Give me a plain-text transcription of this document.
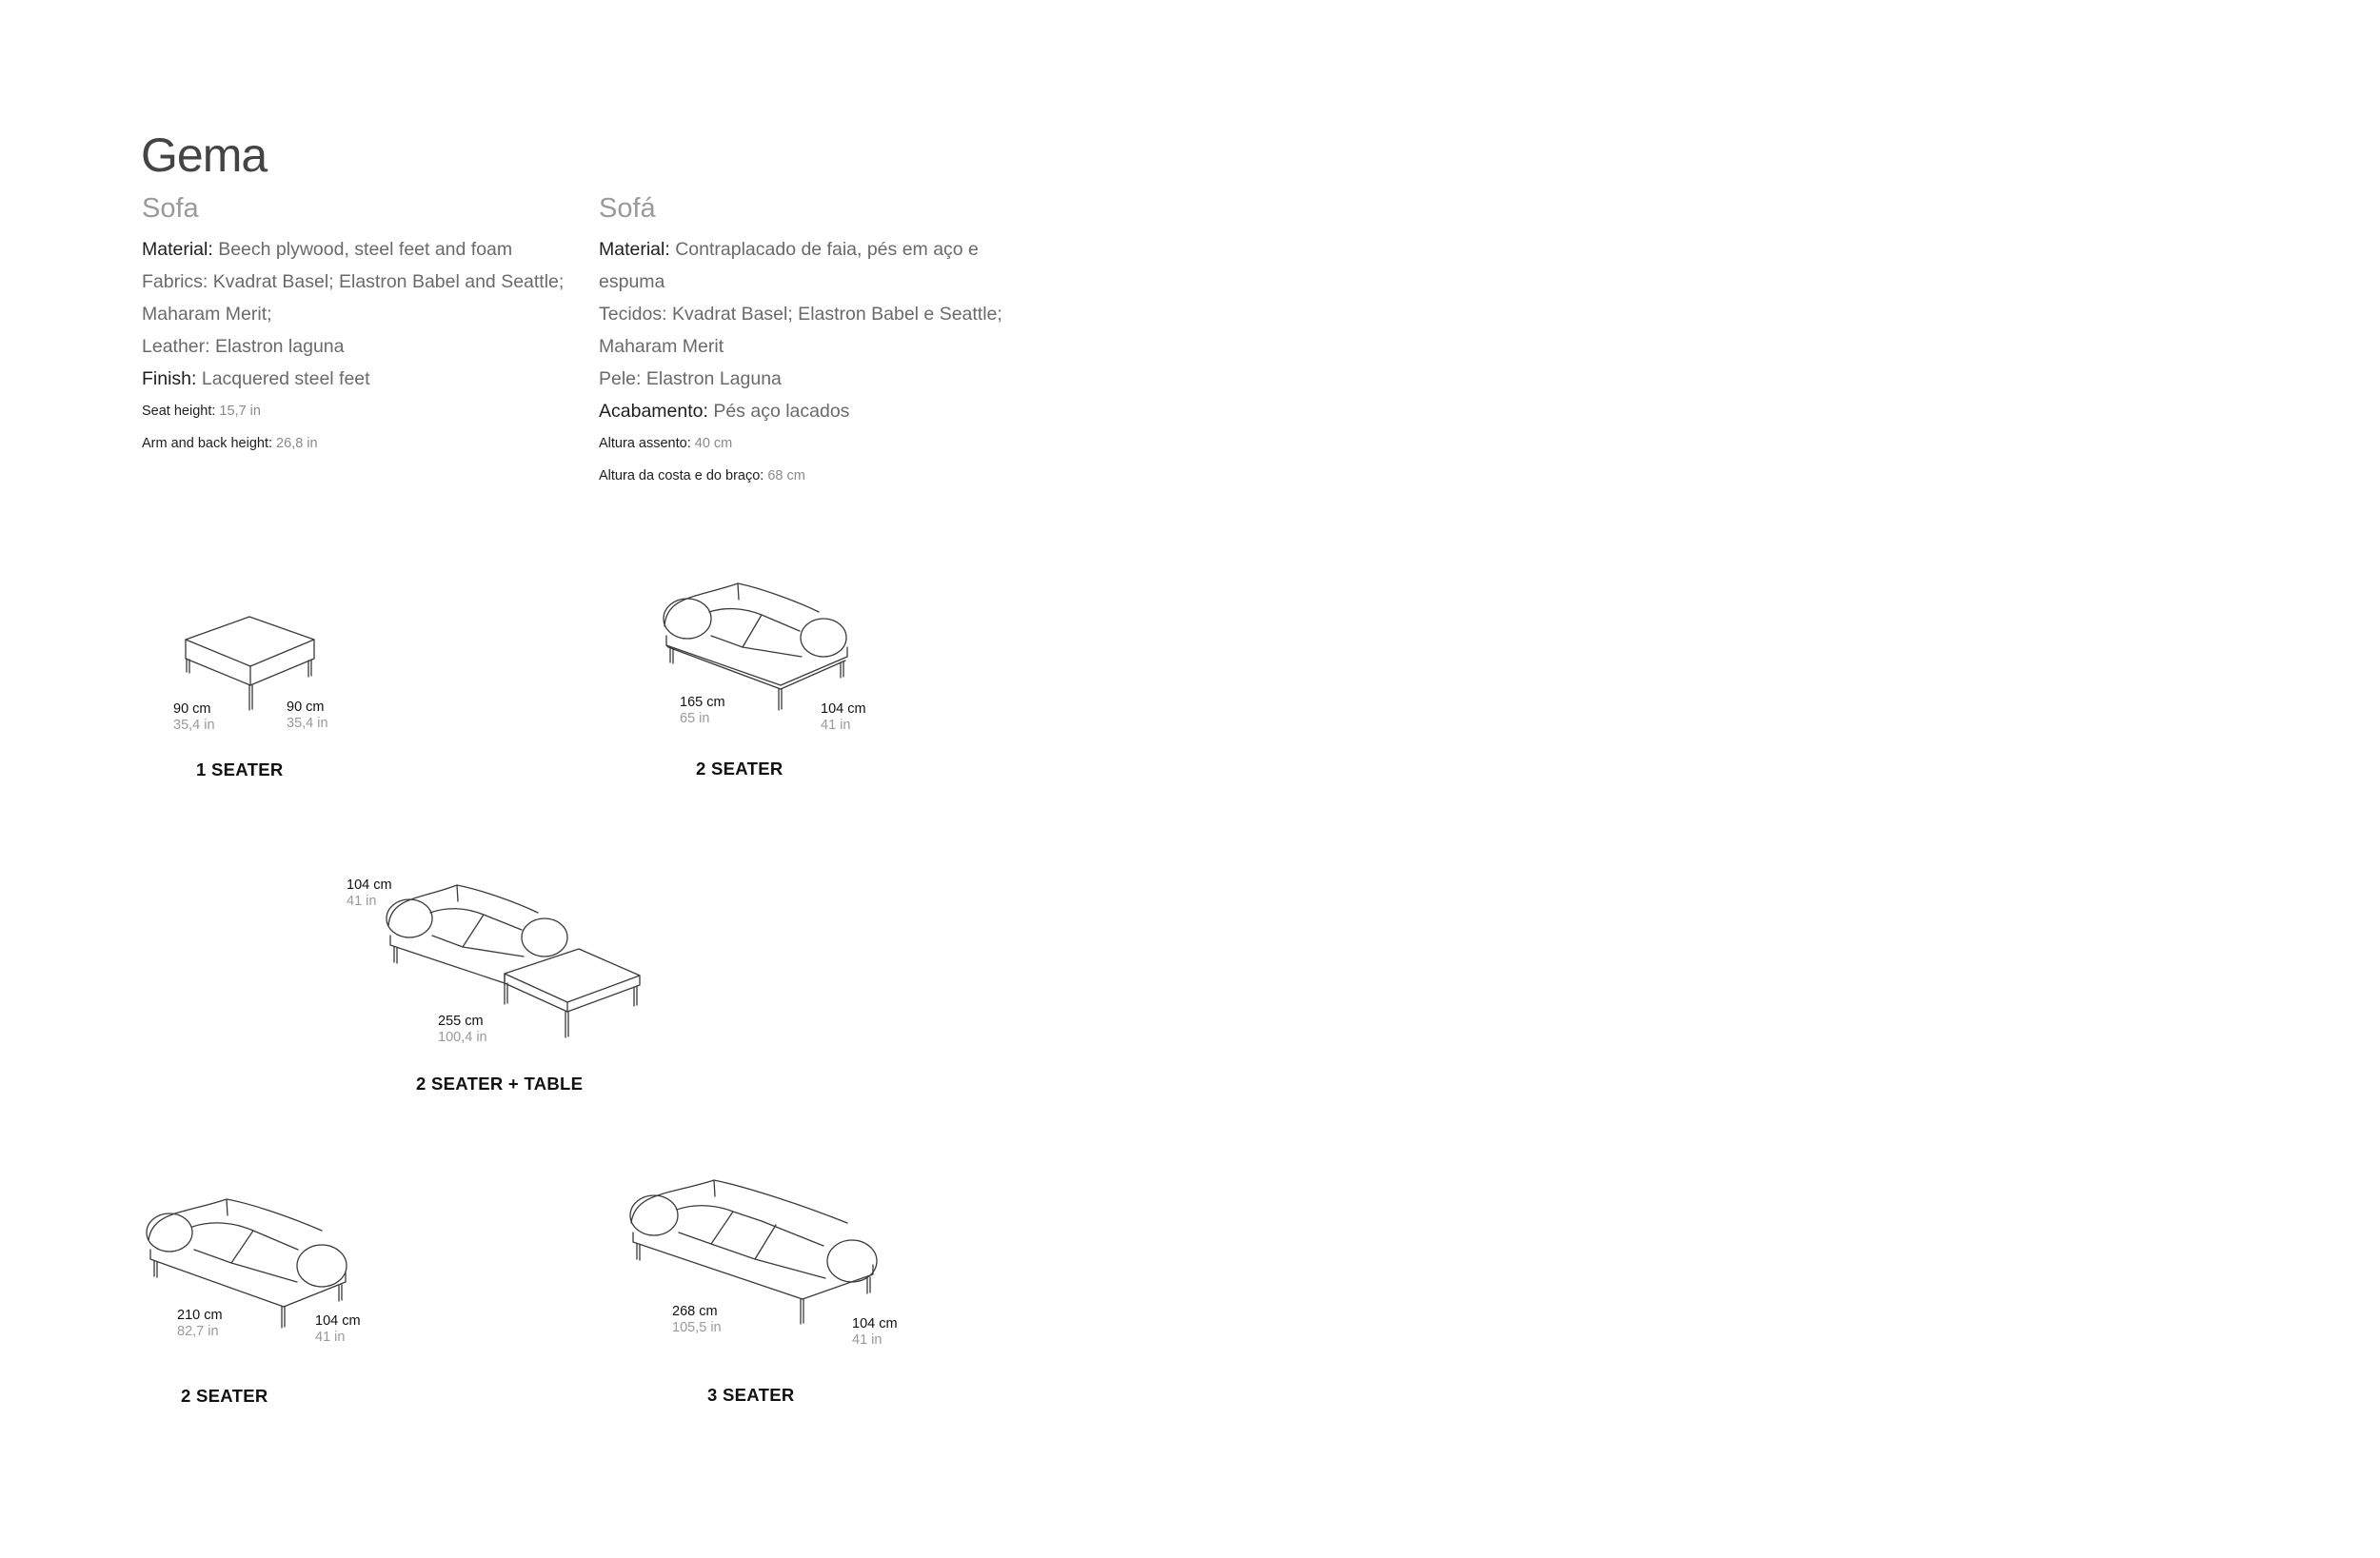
Gema
Sofa
Material: Beech plywood, steel feet and foam
Fabrics: Kvadrat Basel; Elastron Babel and Seattle;
Maharam Merit;
Leather: Elastron laguna
Finish: Lacquered steel feet
Seat height: 15,7 in
Arm and back height: 26,8 in
Sofá
Material: Contraplacado de faia, pés em aço e
espuma
Tecidos: Kvadrat Basel; Elastron Babel e Seattle;
Maharam Merit
Pele: Elastron Laguna
Acabamento: Pés aço lacados
Altura assento: 40 cm
Altura da costa e do braço: 68 cm
90 cm
35,4 in
90 cm
35,4 in
1 SEATER
165 cm
65 in
104 cm
41 in
2 SEATER
104 cm
41 in
255 cm
100,4 in
2 SEATER + TABLE
210 cm
82,7 in
104 cm
41 in
2 SEATER
268 cm
105,5 in	104 cm
41 in
3 SEATER
